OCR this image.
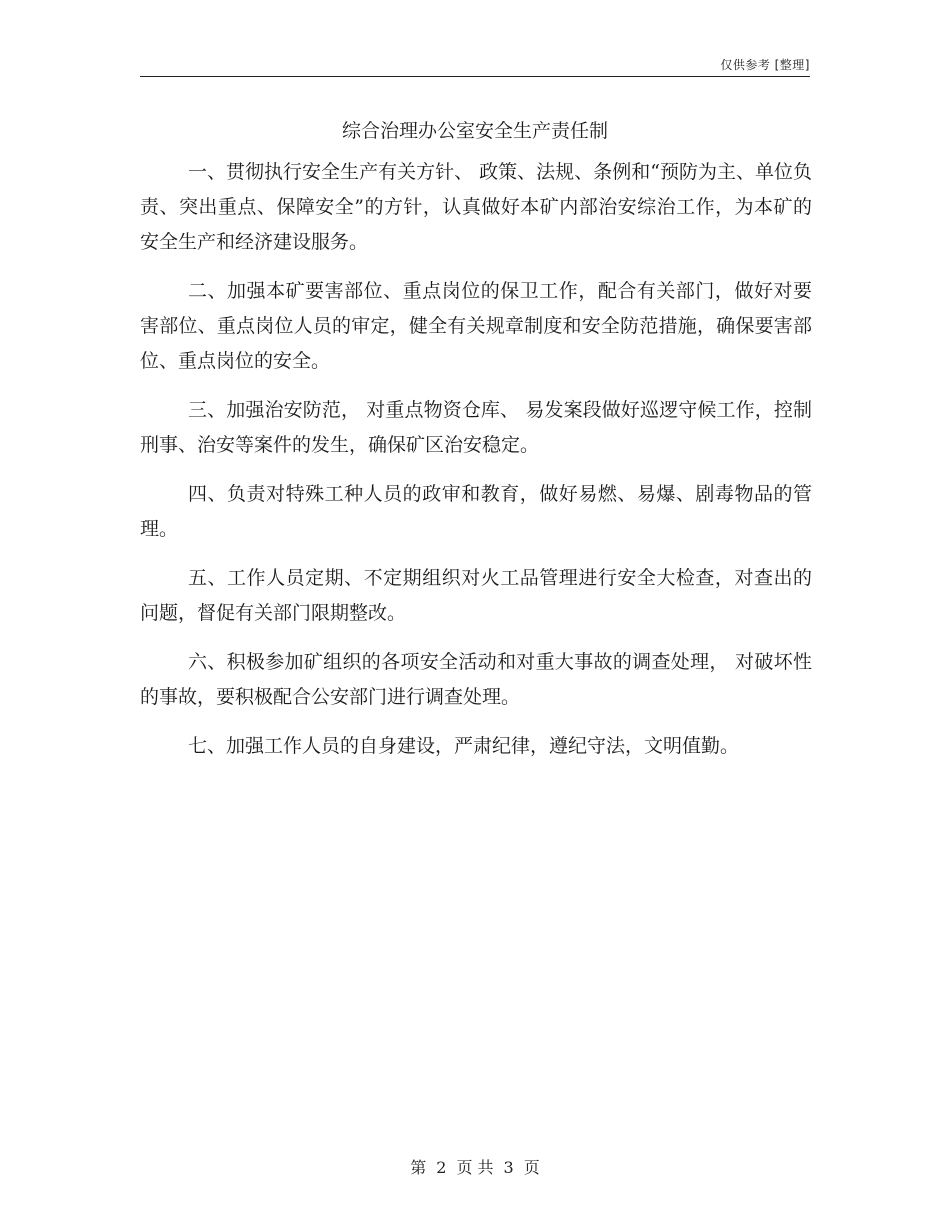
仅供参考 [整理]
综合治理办公室安全生产责任制

一、贯彻执行安全生产有关方针、 政策、法规、条例和“预防为主、单位负责、突出重点、保障安全”的方针，认真做好本矿内部治安综治工作，为本矿的安全生产和经济建设服务。

二、加强本矿要害部位、重点岗位的保卫工作，配合有关部门，做好对要害部位、重点岗位人员的审定，健全有关规章制度和安全防范措施，确保要害部位、重点岗位的安全。

三、加强治安防范， 对重点物资仓库、 易发案段做好巡逻守候工作，控制刑事、治安等案件的发生，确保矿区治安稳定。

四、负责对特殊工种人员的政审和教育，做好易燃、易爆、剧毒物品的管理。

五、工作人员定期、不定期组织对火工品管理进行安全大检查，对查出的问题，督促有关部门限期整改。

六、积极参加矿组织的各项安全活动和对重大事故的调查处理， 对破坏性的事故，要积极配合公安部门进行调查处理。

七、加强工作人员的自身建设，严肃纪律，遵纪守法，文明值勤。

第 2 页 共 3 页
